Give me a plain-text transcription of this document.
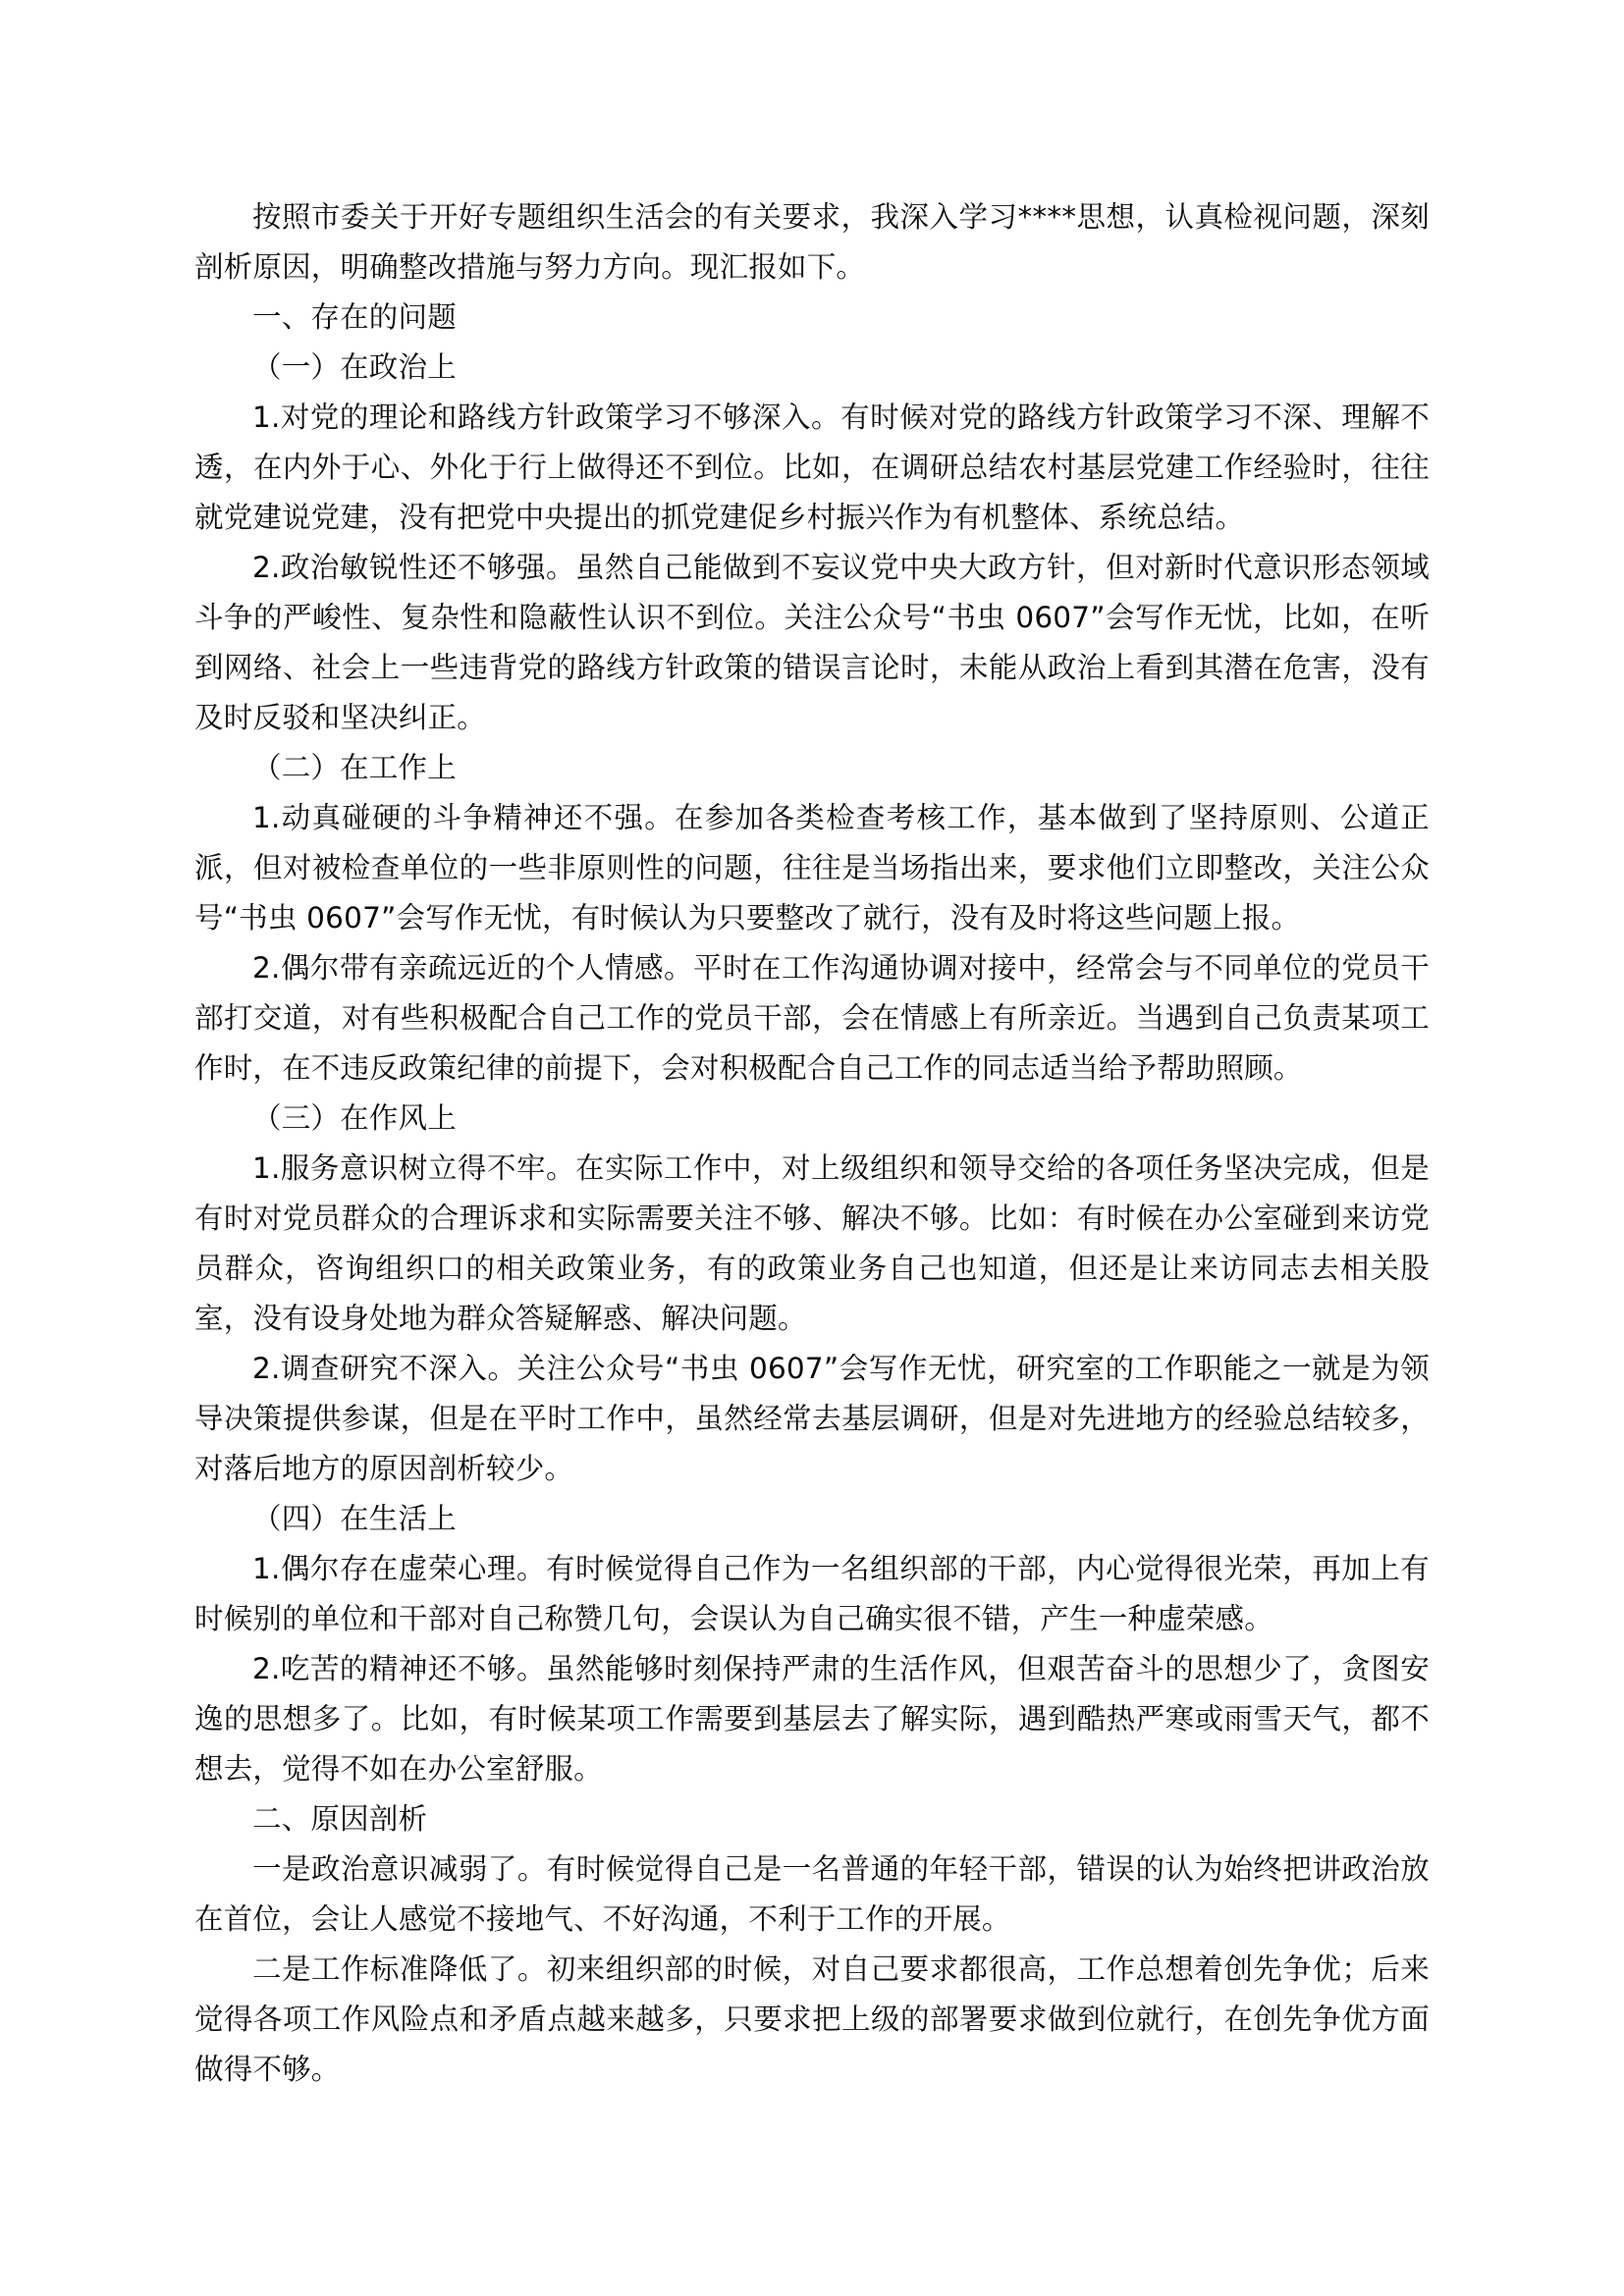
按照市委关于开好专题组织生活会的有关要求，我深入学习****思想，认真检视问题，深刻剖析原因，明确整改措施与努力方向。现汇报如下。

一、存在的问题

（一）在政治上

1.对党的理论和路线方针政策学习不够深入。有时候对党的路线方针政策学习不深、理解不透，在内外于心、外化于行上做得还不到位。比如，在调研总结农村基层党建工作经验时，往往就党建说党建，没有把党中央提出的抓党建促乡村振兴作为有机整体、系统总结。

2.政治敏锐性还不够强。虽然自己能做到不妄议党中央大政方针，但对新时代意识形态领域斗争的严峻性、复杂性和隐蔽性认识不到位。关注公众号“书虫 0607”会写作无忧，比如，在听到网络、社会上一些违背党的路线方针政策的错误言论时，未能从政治上看到其潜在危害，没有及时反驳和坚决纠正。

（二）在工作上

1.动真碰硬的斗争精神还不强。在参加各类检查考核工作，基本做到了坚持原则、公道正派，但对被检查单位的一些非原则性的问题，往往是当场指出来，要求他们立即整改，关注公众号“书虫 0607”会写作无忧，有时候认为只要整改了就行，没有及时将这些问题上报。

2.偶尔带有亲疏远近的个人情感。平时在工作沟通协调对接中，经常会与不同单位的党员干部打交道，对有些积极配合自己工作的党员干部，会在情感上有所亲近。当遇到自己负责某项工作时，在不违反政策纪律的前提下，会对积极配合自己工作的同志适当给予帮助照顾。

（三）在作风上

1.服务意识树立得不牢。在实际工作中，对上级组织和领导交给的各项任务坚决完成，但是有时对党员群众的合理诉求和实际需要关注不够、解决不够。比如：有时候在办公室碰到来访党员群众，咨询组织口的相关政策业务，有的政策业务自己也知道，但还是让来访同志去相关股室，没有设身处地为群众答疑解惑、解决问题。

2.调查研究不深入。关注公众号“书虫 0607”会写作无忧，研究室的工作职能之一就是为领导决策提供参谋，但是在平时工作中，虽然经常去基层调研，但是对先进地方的经验总结较多，对落后地方的原因剖析较少。

（四）在生活上

1.偶尔存在虚荣心理。有时候觉得自己作为一名组织部的干部，内心觉得很光荣，再加上有时候别的单位和干部对自己称赞几句，会误认为自己确实很不错，产生一种虚荣感。

2.吃苦的精神还不够。虽然能够时刻保持严肃的生活作风，但艰苦奋斗的思想少了，贪图安逸的思想多了。比如，有时候某项工作需要到基层去了解实际，遇到酷热严寒或雨雪天气，都不想去，觉得不如在办公室舒服。

二、原因剖析

一是政治意识减弱了。有时候觉得自己是一名普通的年轻干部，错误的认为始终把讲政治放在首位，会让人感觉不接地气、不好沟通，不利于工作的开展。

二是工作标准降低了。初来组织部的时候，对自己要求都很高，工作总想着创先争优；后来觉得各项工作风险点和矛盾点越来越多，只要求把上级的部署要求做到位就行，在创先争优方面做得不够。
